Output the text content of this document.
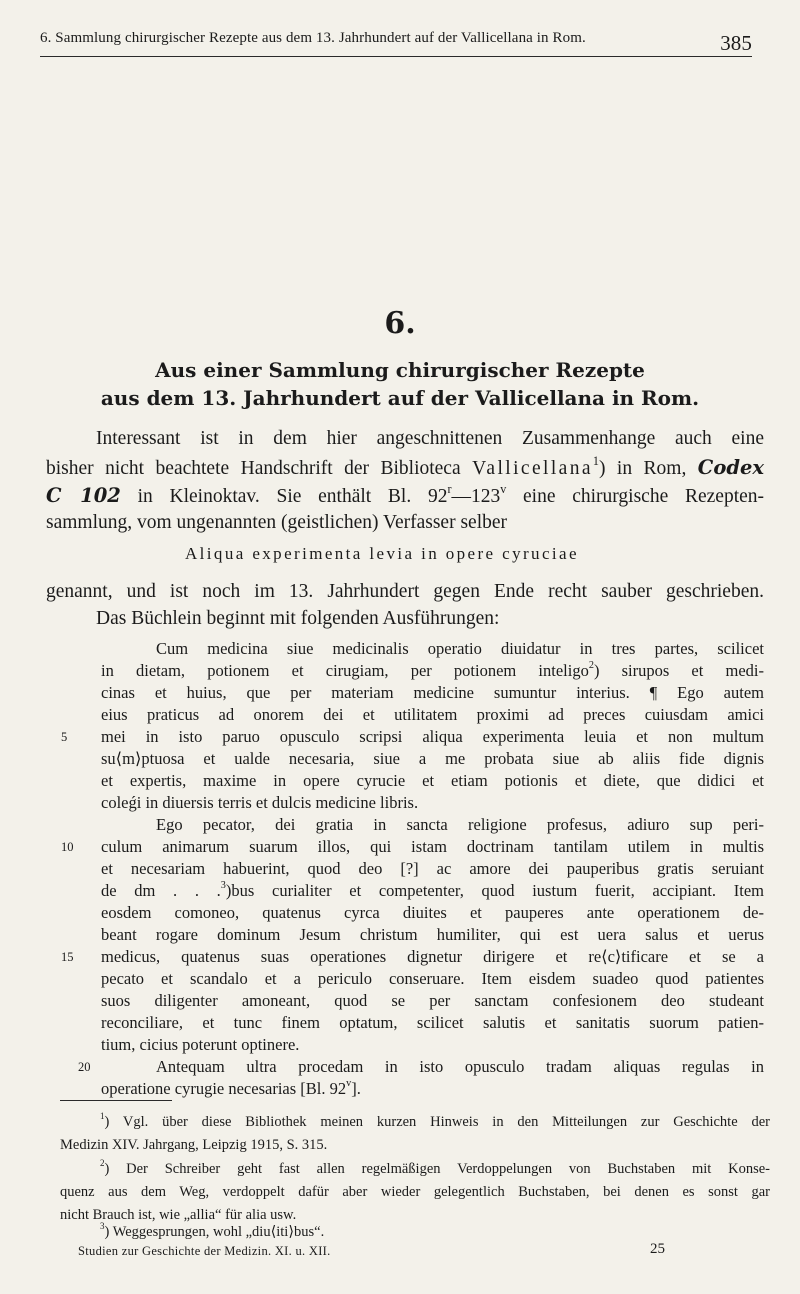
6. Sammlung chirurgischer Rezepte aus dem 13. Jahrhundert auf der Vallicellana in Rom.	385
6.
Aus einer Sammlung chirurgischer Rezepte
aus dem 13. Jahrhundert auf der Vallicellana in Rom.
Interessant ist in dem hier angeschnittenen Zusammenhange auch eine
bisher nicht beachtete Handschrift der Biblioteca Vallicellana$^1$) in Rom, Codex
C 102 in Kleinoktav. Sie enthält Bl. 92$^r$—123$^v$ eine chirurgische Rezepten-
sammlung, vom ungenannten (geistlichen) Verfasser selber
Aliqua experimenta levia in opere cyruciae
genannt, und ist noch im 13. Jahrhundert gegen Ende recht sauber geschrieben.
Das Büchlein beginnt mit folgenden Ausführungen:
Cum medicina siue medicinalis operatio diuidatur in tres partes, scilicet
in dietam, potionem et cirugiam, per potionem inteligo$^2$) sirupos et medi-
cinas et huius, que per materiam medicine sumuntur interius. ¶ Ego autem
eius praticus ad onorem dei et utilitatem proximi ad preces cuiusdam amici
5 mei in isto paruo opusculo scripsi aliqua experimenta leuia et non multum
su⟨m⟩ptuosa et ualde necesaria, siue a me probata siue ab aliis fide dignis
et expertis, maxime in opere cyrucie et etiam potionis et diete, que didici et
coleǵi in diuersis terris et dulcis medicine libris.
Ego pecator, dei gratia in sancta religione profesus, adiuro sup peri-
10 culum animarum suarum illos, qui istam doctrinam tantilam utilem in multis
et necesariam habuerint, quod deo [?] ac amore dei pauperibus gratis seruiant
de dm . . .$^3$)bus curialiter et competenter, quod iustum fuerit, accipiant. Item
eosdem comoneo, quatenus cyrca diuites et pauperes ante operationem de-
beant rogare dominum Jesum christum humiliter, qui est uera salus et uerus
15 medicus, quatenus suas operationes dignetur dirigere et re⟨c⟩tificare et se a
pecato et scandalo et a periculo conseruare. Item eisdem suadeo quod patientes
suos diligenter amoneant, quod se per sanctam confesionem deo studeant
reconciliare, et tunc finem optatum, scilicet salutis et sanitatis suorum patien-
tium, cicius poterunt optinere.
20	Antequam ultra procedam in isto opusculo tradam aliquas regulas in
operatione cyrugie necesarias [Bl. 92$^v$].
$^1$) Vgl. über diese Bibliothek meinen kurzen Hinweis in den Mitteilungen zur Geschichte der
Medizin XIV. Jahrgang, Leipzig 1915, S. 315.
$^2$) Der Schreiber geht fast allen regelmäßigen Verdoppelungen von Buchstaben mit Konse-
quenz aus dem Weg, verdoppelt dafür aber wieder gelegentlich Buchstaben, bei denen es sonst gar
nicht Brauch ist, wie „allia“ für alia usw.
$^3$) Weggesprungen, wohl „diu⟨iti⟩bus“.
Studien zur Geschichte der Medizin. XI. u. XII.	25
